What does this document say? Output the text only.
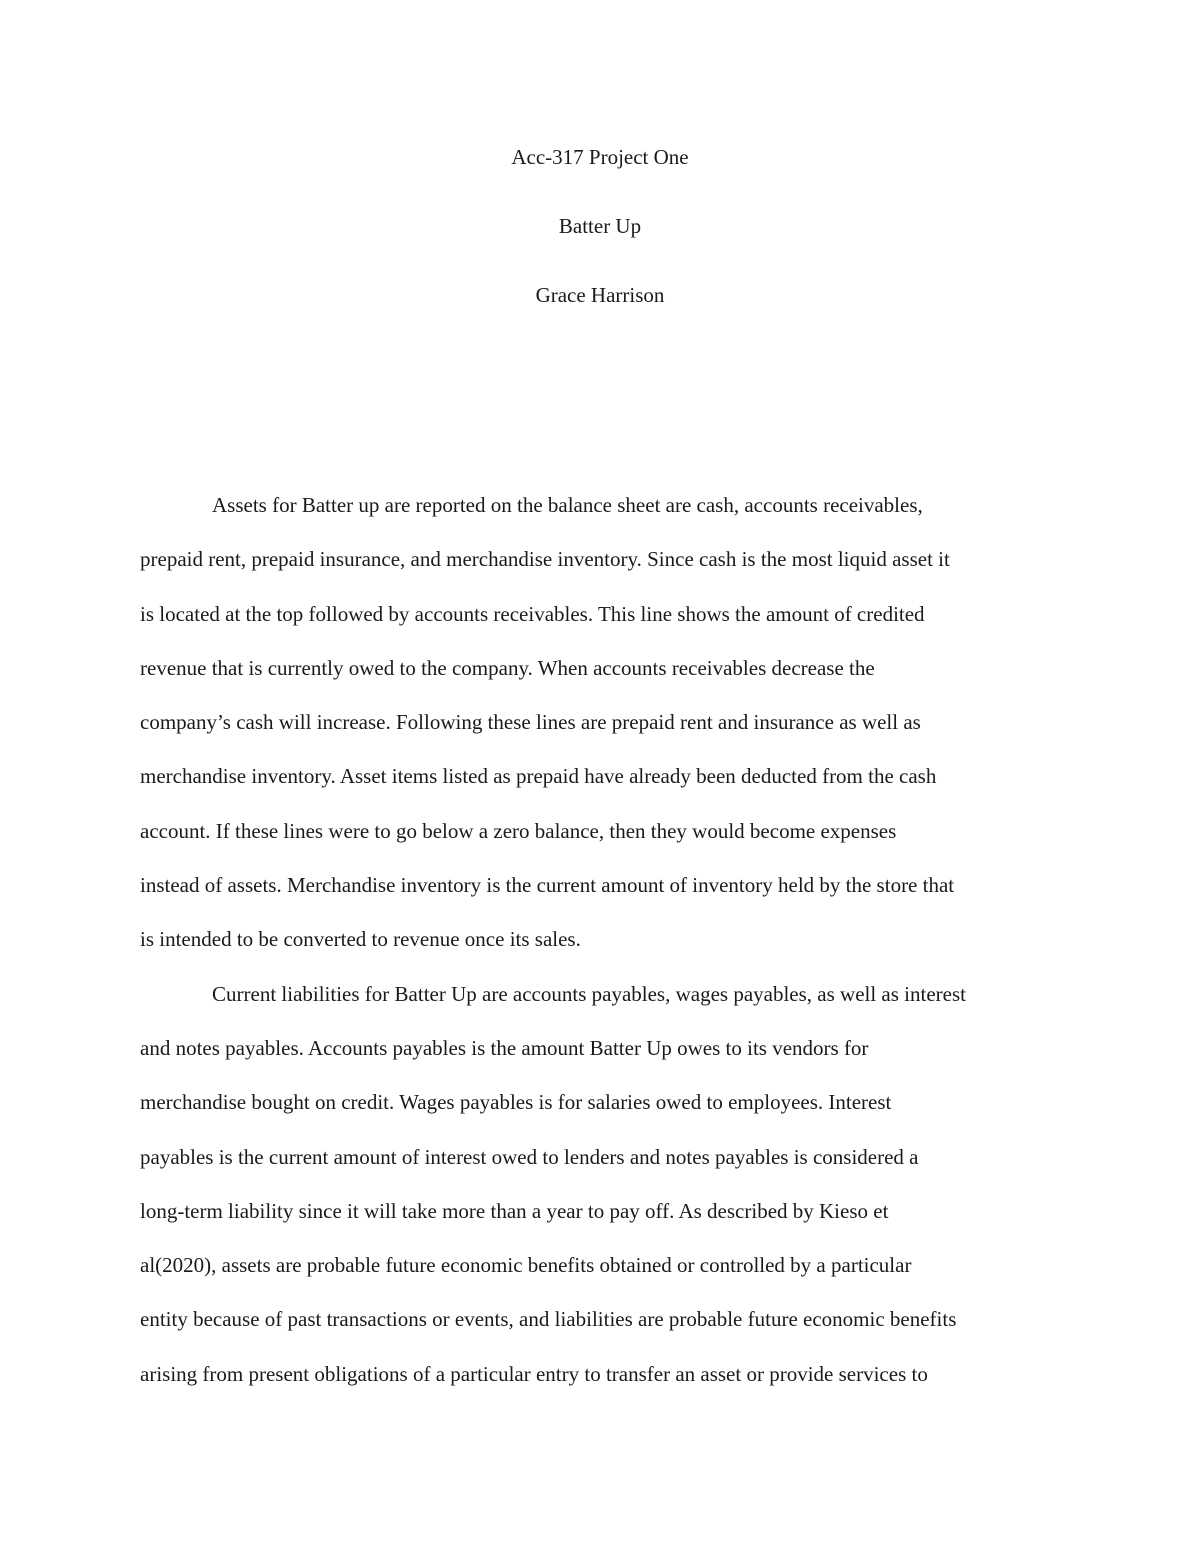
Acc-317 Project One
Batter Up
Grace Harrison
Assets for Batter up are reported on the balance sheet are cash, accounts receivables,
prepaid rent, prepaid insurance, and merchandise inventory. Since cash is the most liquid asset it
is located at the top followed by accounts receivables. This line shows the amount of credited
revenue that is currently owed to the company. When accounts receivables decrease the
company’s cash will increase. Following these lines are prepaid rent and insurance as well as
merchandise inventory. Asset items listed as prepaid have already been deducted from the cash
account. If these lines were to go below a zero balance, then they would become expenses
instead of assets. Merchandise inventory is the current amount of inventory held by the store that
is intended to be converted to revenue once its sales.
Current liabilities for Batter Up are accounts payables, wages payables, as well as interest
and notes payables. Accounts payables is the amount Batter Up owes to its vendors for
merchandise bought on credit. Wages payables is for salaries owed to employees. Interest
payables is the current amount of interest owed to lenders and notes payables is considered a
long-term liability since it will take more than a year to pay off. As described by Kieso et
al(2020), assets are probable future economic benefits obtained or controlled by a particular
entity because of past transactions or events, and liabilities are probable future economic benefits
arising from present obligations of a particular entry to transfer an asset or provide services to
